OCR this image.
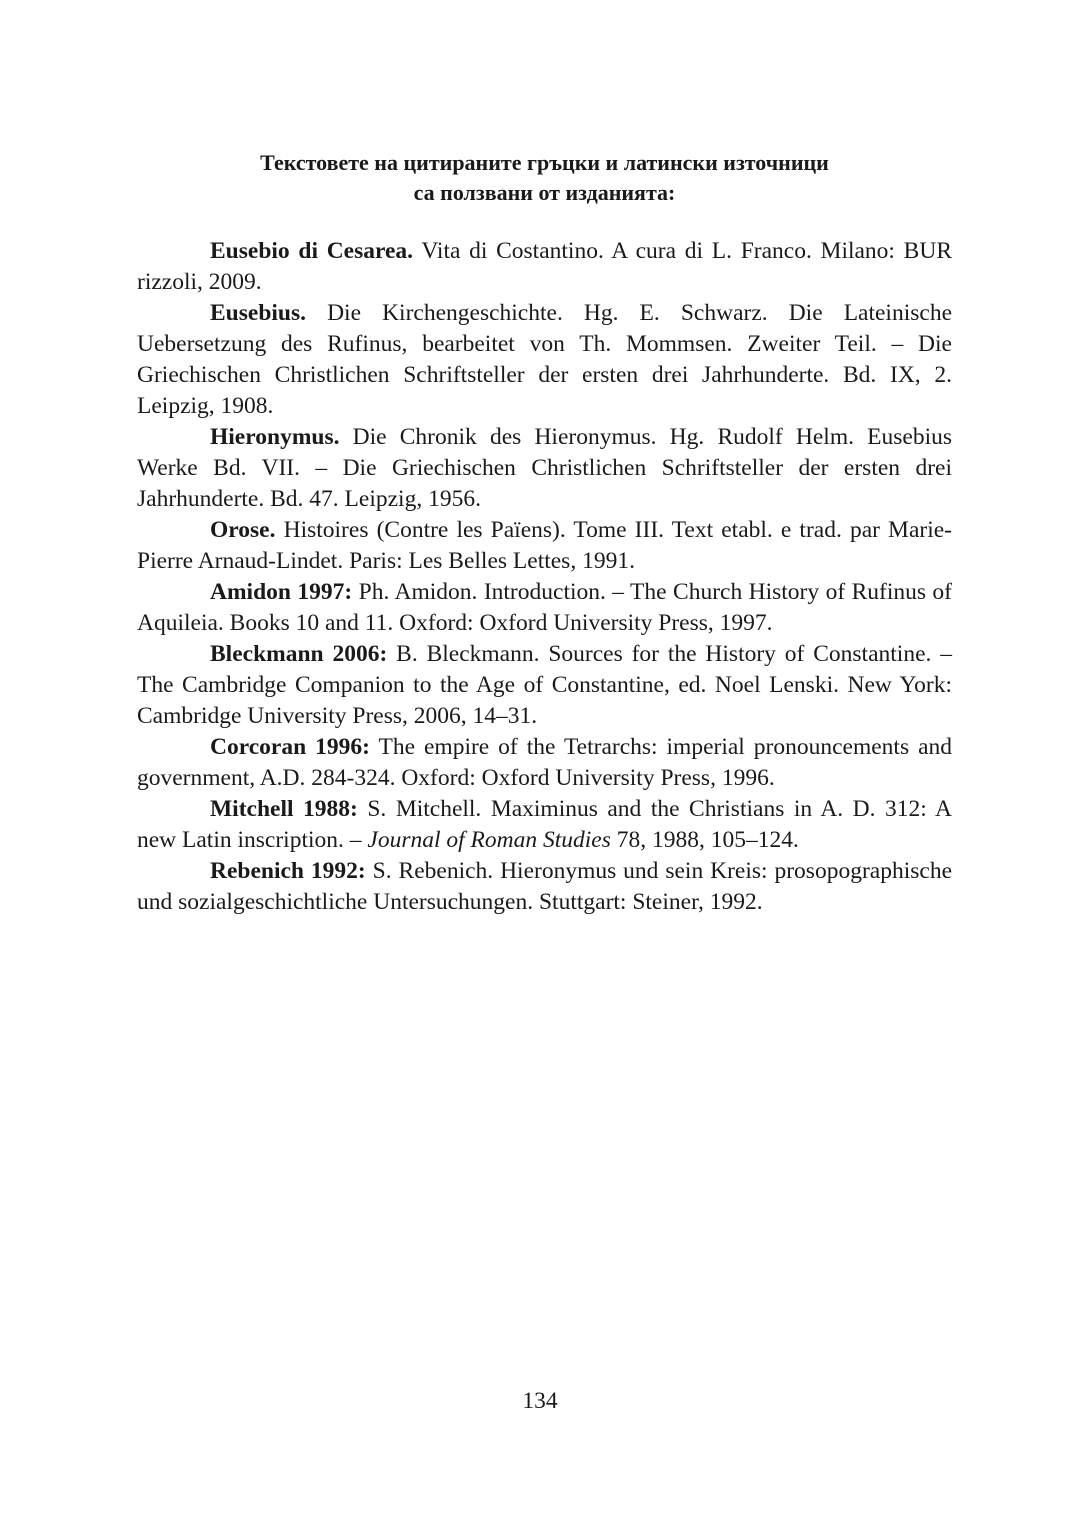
Текстовете на цитираните гръцки и латински източници
са ползвани от изданията:

Eusebio di Cesarea. Vita di Costantino. A cura di L. Franco. Milano: BUR rizzoli, 2009.

Eusebius. Die Kirchengeschichte. Hg. E. Schwarz. Die Lateinische Uebersetzung des Rufinus, bearbeitet von Th. Mommsen. Zweiter Teil. – Die Griechischen Christlichen Schriftsteller der ersten drei Jahrhunderte. Bd. IX, 2. Leipzig, 1908.

Hieronymus. Die Chronik des Hieronymus. Hg. Rudolf Helm. Eusebius Werke Bd. VII. – Die Griechischen Christlichen Schriftsteller der ersten drei Jahrhunderte. Bd. 47. Leipzig, 1956.

Orose. Histoires (Contre les Païens). Tome III. Text etabl. e trad. par Marie-Pierre Arnaud-Lindet. Paris: Les Belles Lettes, 1991.

Amidon 1997: Ph. Amidon. Introduction. – The Church History of Rufinus of Aquileia. Books 10 and 11. Oxford: Oxford University Press, 1997.

Bleckmann 2006: B. Bleckmann. Sources for the History of Constantine. – The Cambridge Companion to the Age of Constantine, ed. Noel Lenski. New York: Cambridge University Press, 2006, 14–31.

Corcoran 1996: The empire of the Tetrarchs: imperial pronouncements and government, A.D. 284-324. Oxford: Oxford University Press, 1996.

Mitchell 1988: S. Mitchell. Maximinus and the Christians in A. D. 312: A new Latin inscription. – Journal of Roman Studies 78, 1988, 105–124.

Rebenich 1992: S. Rebenich. Hieronymus und sein Kreis: prosopographische und sozialgeschichtliche Untersuchungen. Stuttgart: Steiner, 1992.

134
